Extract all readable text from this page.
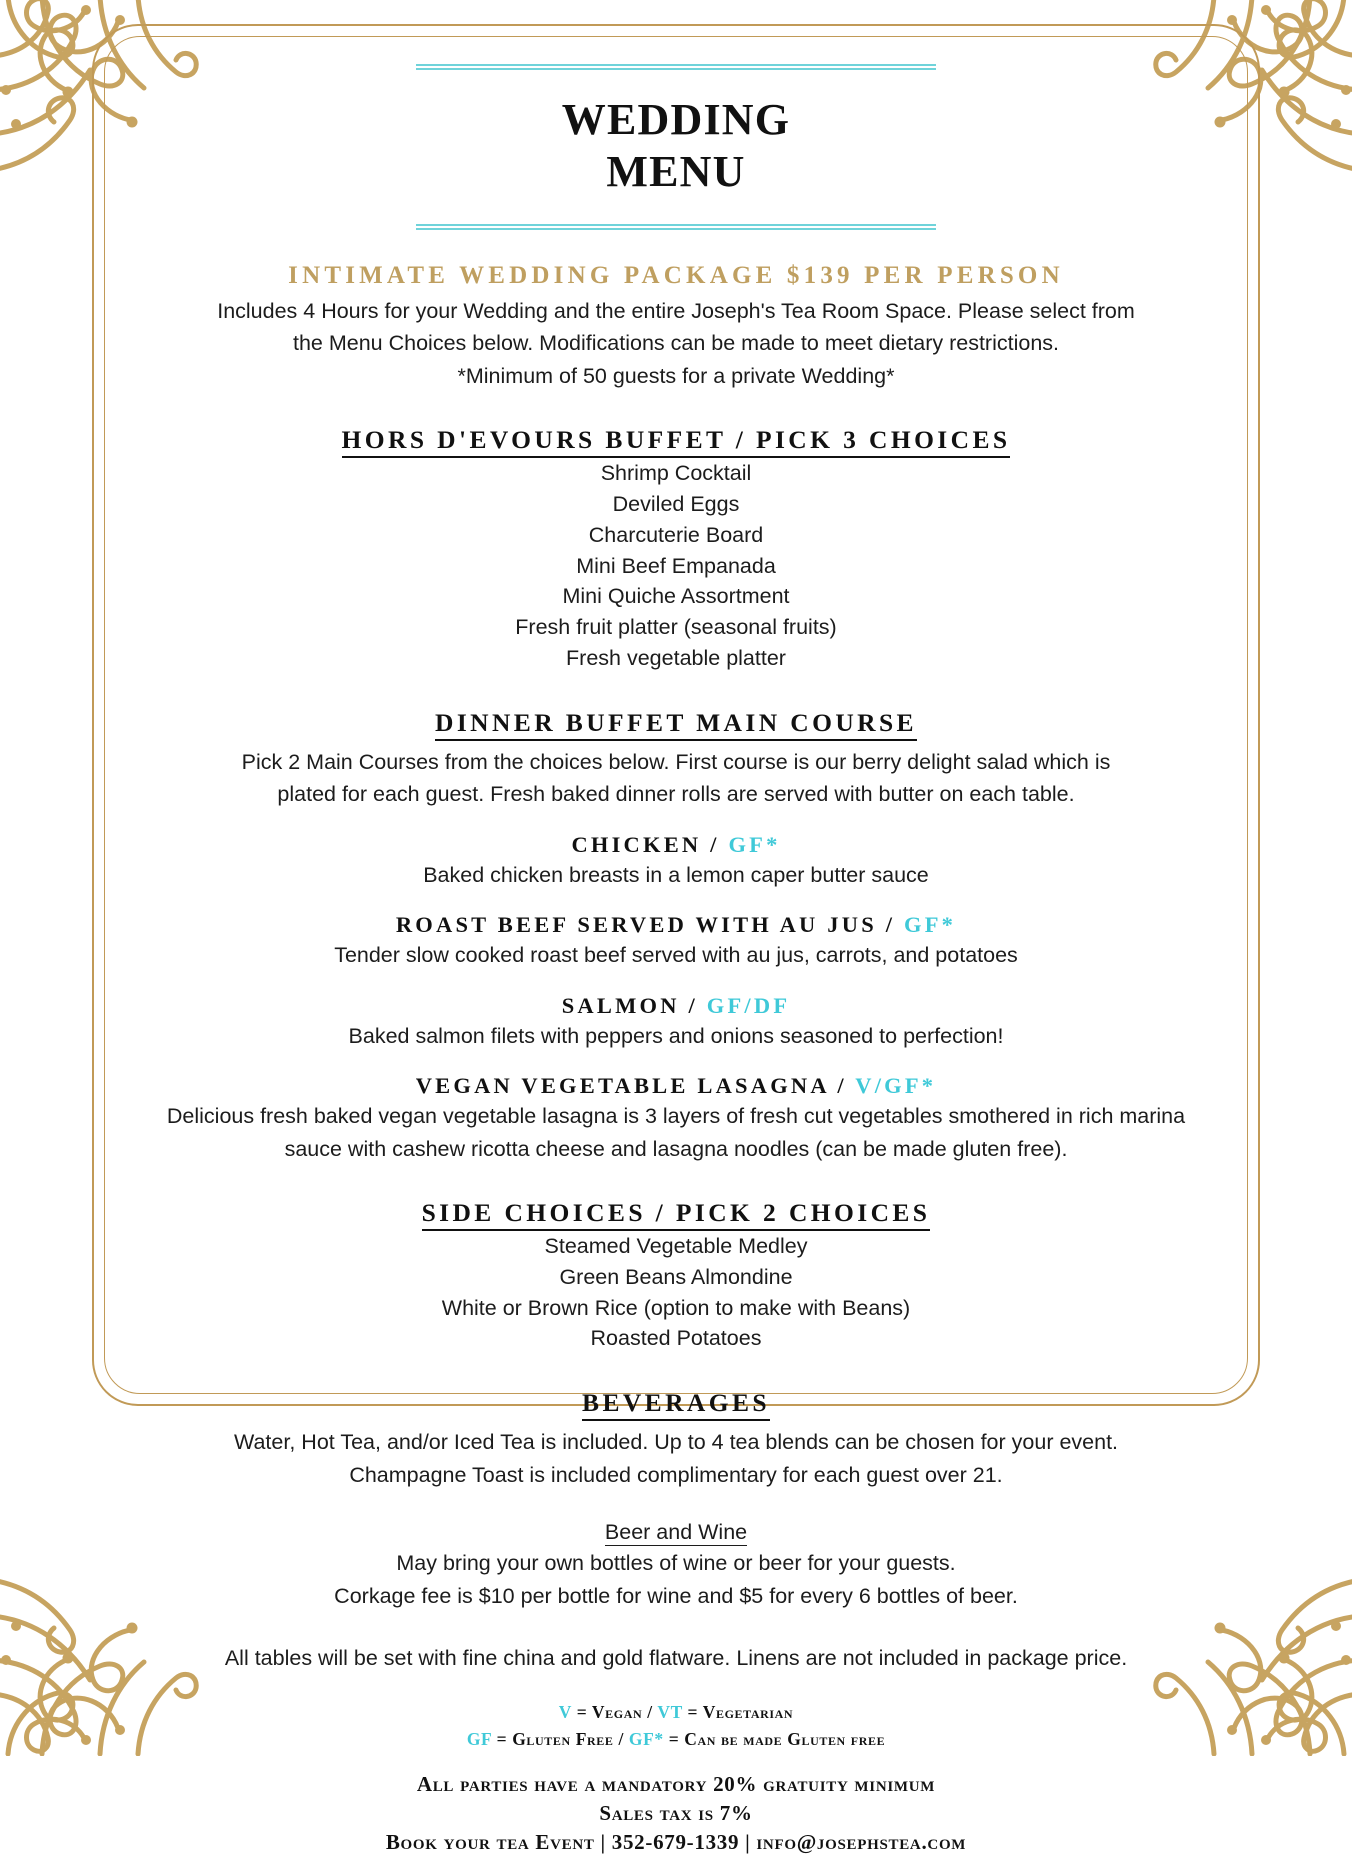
WEDDING
MENU
INTIMATE WEDDING PACKAGE $139 PER PERSON
Includes 4 Hours for your Wedding and the entire Joseph's Tea Room Space. Please select from
the Menu Choices below. Modifications can be made to meet dietary restrictions.
*Minimum of 50 guests for a private Wedding*
HORS D'EVOURS BUFFET / PICK 3 CHOICES
Shrimp Cocktail
Deviled Eggs
Charcuterie Board
Mini Beef Empanada
Mini Quiche Assortment
Fresh fruit platter (seasonal fruits)
Fresh vegetable platter
DINNER BUFFET MAIN COURSE
Pick 2 Main Courses from the choices below. First course is our berry delight salad which is
plated for each guest. Fresh baked dinner rolls are served with butter on each table.
CHICKEN / GF*
Baked chicken breasts in a lemon caper butter sauce
ROAST BEEF SERVED WITH AU JUS / GF*
Tender slow cooked roast beef served with au jus, carrots, and potatoes
SALMON / GF/DF
Baked salmon filets with peppers and onions seasoned to perfection!
VEGAN VEGETABLE LASAGNA / V/GF*
Delicious fresh baked vegan vegetable lasagna is 3 layers of fresh cut vegetables smothered in rich marina
sauce with cashew ricotta cheese and lasagna noodles (can be made gluten free).
SIDE CHOICES / PICK 2 CHOICES
Steamed Vegetable Medley
Green Beans Almondine
White or Brown Rice (option to make with Beans)
Roasted Potatoes
BEVERAGES
Water, Hot Tea, and/or Iced Tea is included. Up to 4 tea blends can be chosen for your event.
Champagne Toast is included complimentary for each guest over 21.
Beer and Wine
May bring your own bottles of wine or beer for your guests.
Corkage fee is $10 per bottle for wine and $5 for every 6 bottles of beer.
All tables will be set with fine china and gold flatware. Linens are not included in package price.
V = Vegan / VT = Vegetarian
GF = Gluten Free / GF* = Can be made Gluten free
All parties have a mandatory 20% gratuity minimum
Sales tax is 7%
Book your tea Event | 352-679-1339 | info@josephstea.com
